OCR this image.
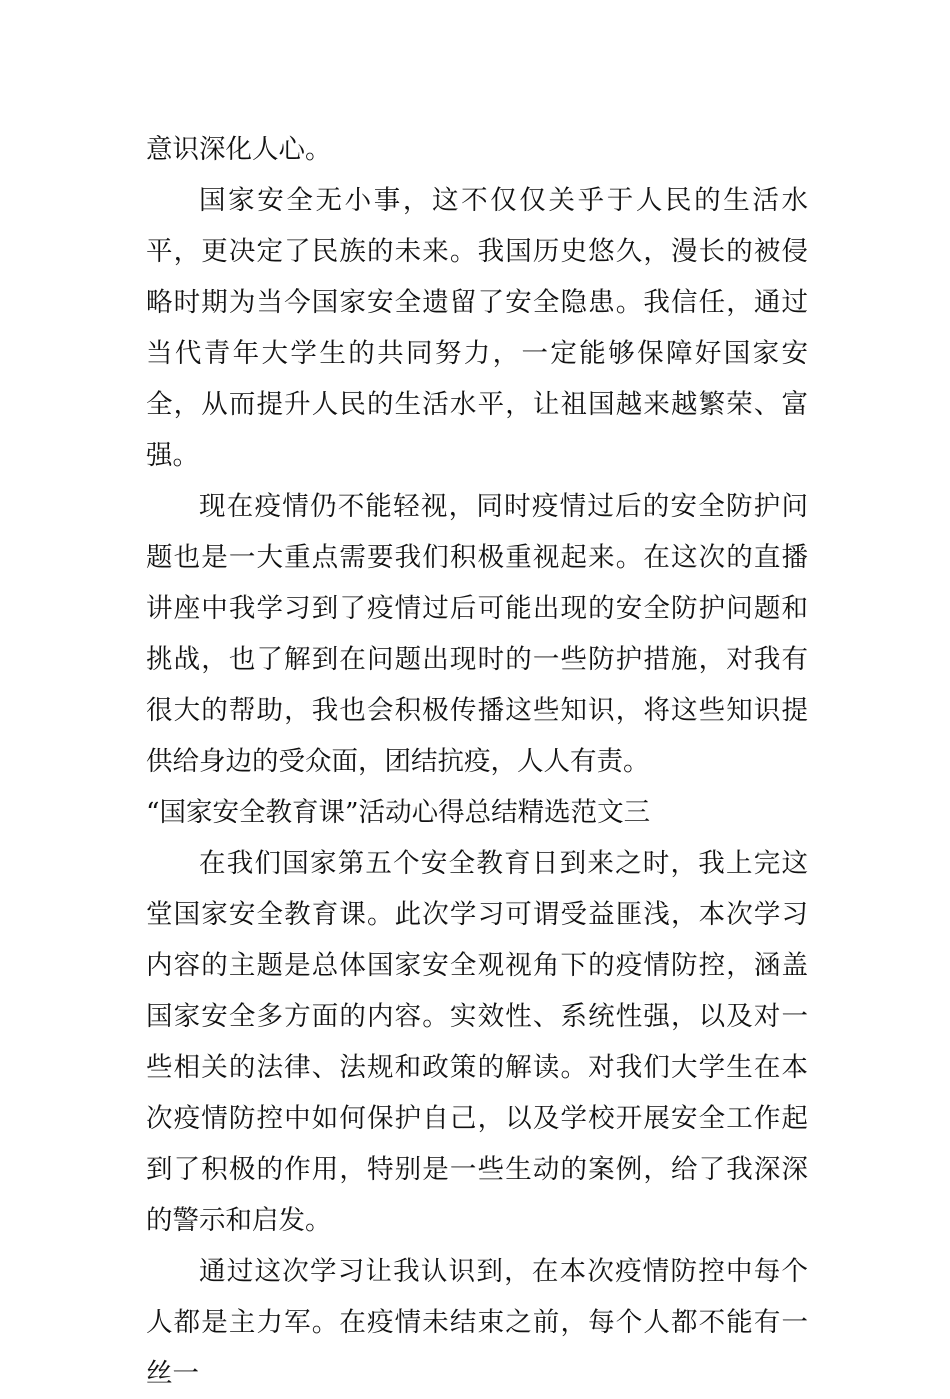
意识深化人心。

国家安全无小事，这不仅仅关乎于人民的生活水平，更决定了民族的未来。我国历史悠久，漫长的被侵略时期为当今国家安全遗留了安全隐患。我信任，通过当代青年大学生的共同努力，一定能够保障好国家安全，从而提升人民的生活水平，让祖国越来越繁荣、富强。

现在疫情仍不能轻视，同时疫情过后的安全防护问题也是一大重点需要我们积极重视起来。在这次的直播讲座中我学习到了疫情过后可能出现的安全防护问题和挑战，也了解到在问题出现时的一些防护措施，对我有很大的帮助，我也会积极传播这些知识，将这些知识提供给身边的受众面，团结抗疫，人人有责。

“国家安全教育课”活动心得总结精选范文三

在我们国家第五个安全教育日到来之时，我上完这堂国家安全教育课。此次学习可谓受益匪浅，本次学习内容的主题是总体国家安全观视角下的疫情防控，涵盖国家安全多方面的内容。实效性、系统性强，以及对一些相关的法律、法规和政策的解读。对我们大学生在本次疫情防控中如何保护自己，以及学校开展安全工作起到了积极的作用，特别是一些生动的案例，给了我深深的警示和启发。

通过这次学习让我认识到，在本次疫情防控中每个人都是主力军。在疫情未结束之前，每个人都不能有一丝一
